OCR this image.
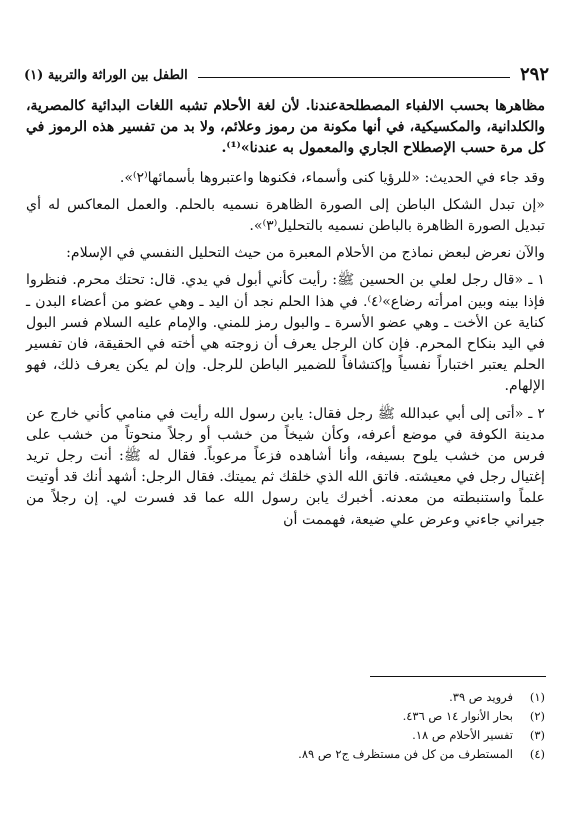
٢٩٢
الطفل بين الوراثة والتربية (١)

مظاهرها بحسب الالفباء المصطلحةعندنا. لأن لغة الأحلام تشبه اللغات البدائية كالمصرية، والكلدانية، والمكسيكية، في أنها مكونة من رموز وعلائم، ولا بد من تفسير هذه الرموز في كل مرة حسب الإصطلاح الجاري والمعمول به عندنا»⁽¹⁾.

وقد جاء في الحديث: «للرؤيا كنى وأسماء، فكنوها واعتبروها بأسمائها⁽٢⁾».

«إن تبدل الشكل الباطن إلى الصورة الظاهرة نسميه بالحلم. والعمل المعاكس له أي تبديل الصورة الظاهرة بالباطن نسميه بالتحليل⁽٣⁾».

والآن نعرض لبعض نماذج من الأحلام المعبرة من حيث التحليل النفسي في الإسلام:

١ ـ «قال رجل لعلي بن الحسين ﷺ: رأيت كأني أبول في يدي. قال: تحتك محرم. فنظروا فإذا بينه وبين امرأته رضاع»⁽٤⁾. في هذا الحلم نجد أن اليد ـ وهي عضو من أعضاء البدن ـ كناية عن الأخت ـ وهي عضو الأسرة ـ والبول رمز للمني. والإمام عليه السلام فسر البول في اليد بنكاح المحرم. فإن كان الرجل يعرف أن زوجته هي أخته في الحقيقة، فان تفسير الحلم يعتبر اختباراً نفسياً وإكتشافاً للضمير الباطن للرجل. وإن لم يكن يعرف ذلك، فهو الإلهام.

٢ ـ «أتى إلى أبي عبدالله ﷺ رجل فقال: يابن رسول الله رأيت في منامي كأني خارج عن مدينة الكوفة في موضع أعرفه، وكأن شيخاً من خشب أو رجلاً منحوتاً من خشب على فرس من خشب يلوح بسيفه، وأنا أشاهده فزعاً مرعوباً. فقال له ﷺ: أنت رجل تريد إغتيال رجل في معيشته. فاتق الله الذي خلقك ثم يميتك. فقال الرجل: أشهد أنك قد أوتيت علماً واستنبطته من معدنه. أخبرك يابن رسول الله عما قد فسرت لي. إن رجلاً من جيراني جاءني وعرض علي ضيعة، فهممت أن

(١)
فرويد ص ٣٩.
(٢)
بحار الأنوار ١٤ ص ٤٣٦.
(٣)
تفسير الأحلام ص ١٨.
(٤)
المستطرف من كل فن مستظرف ج٢ ص ٨٩.
